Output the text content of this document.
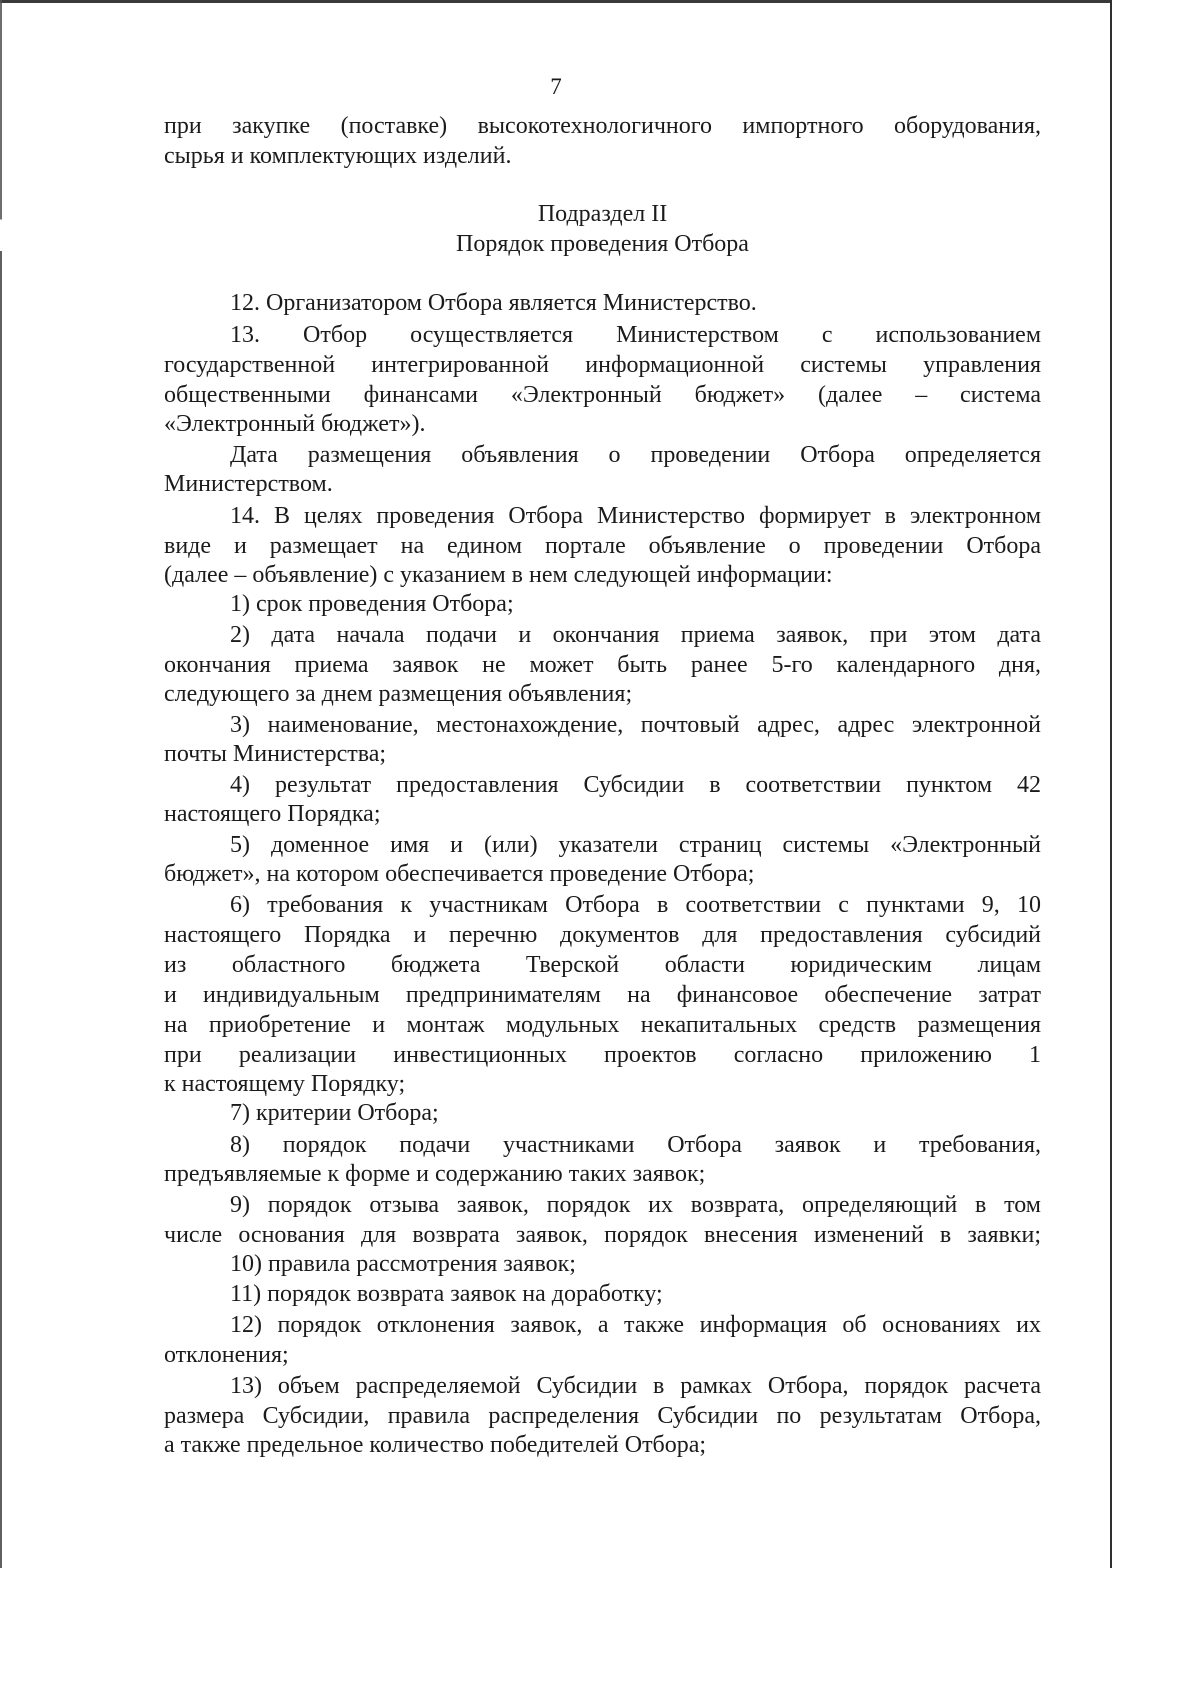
7
при закупке (поставке) высокотехнологичного импортного оборудования,
сырья и комплектующих изделий.
Подраздел II
Порядок проведения Отбора
12. Организатором Отбора является Министерство.
13. Отбор осуществляется Министерством с использованием
государственной интегрированной информационной системы управления
общественными финансами «Электронный бюджет» (далее – система
«Электронный бюджет»).
Дата размещения объявления о проведении Отбора определяется
Министерством.
14. В целях проведения Отбора Министерство формирует в электронном
виде и размещает на едином портале объявление о проведении Отбора
(далее – объявление) с указанием в нем следующей информации:
1) срок проведения Отбора;
2) дата начала подачи и окончания приема заявок, при этом дата
окончания приема заявок не может быть ранее 5-го календарного дня,
следующего за днем размещения объявления;
3) наименование, местонахождение, почтовый адрес, адрес электронной
почты Министерства;
4) результат предоставления Субсидии в соответствии пунктом 42
настоящего Порядка;
5) доменное имя и (или) указатели страниц системы «Электронный
бюджет», на котором обеспечивается проведение Отбора;
6) требования к участникам Отбора в соответствии с пунктами 9, 10
настоящего Порядка и перечню документов для предоставления субсидий
из областного бюджета Тверской области юридическим лицам
и индивидуальным предпринимателям на финансовое обеспечение затрат
на приобретение и монтаж модульных некапитальных средств размещения
при реализации инвестиционных проектов согласно приложению 1
к настоящему Порядку;
7) критерии Отбора;
8) порядок подачи участниками Отбора заявок и требования,
предъявляемые к форме и содержанию таких заявок;
9) порядок отзыва заявок, порядок их возврата, определяющий в том
числе основания для возврата заявок, порядок внесения изменений в заявки;
10) правила рассмотрения заявок;
11) порядок возврата заявок на доработку;
12) порядок отклонения заявок, а также информация об основаниях их
отклонения;
13) объем распределяемой Субсидии в рамках Отбора, порядок расчета
размера Субсидии, правила распределения Субсидии по результатам Отбора,
а также предельное количество победителей Отбора;
